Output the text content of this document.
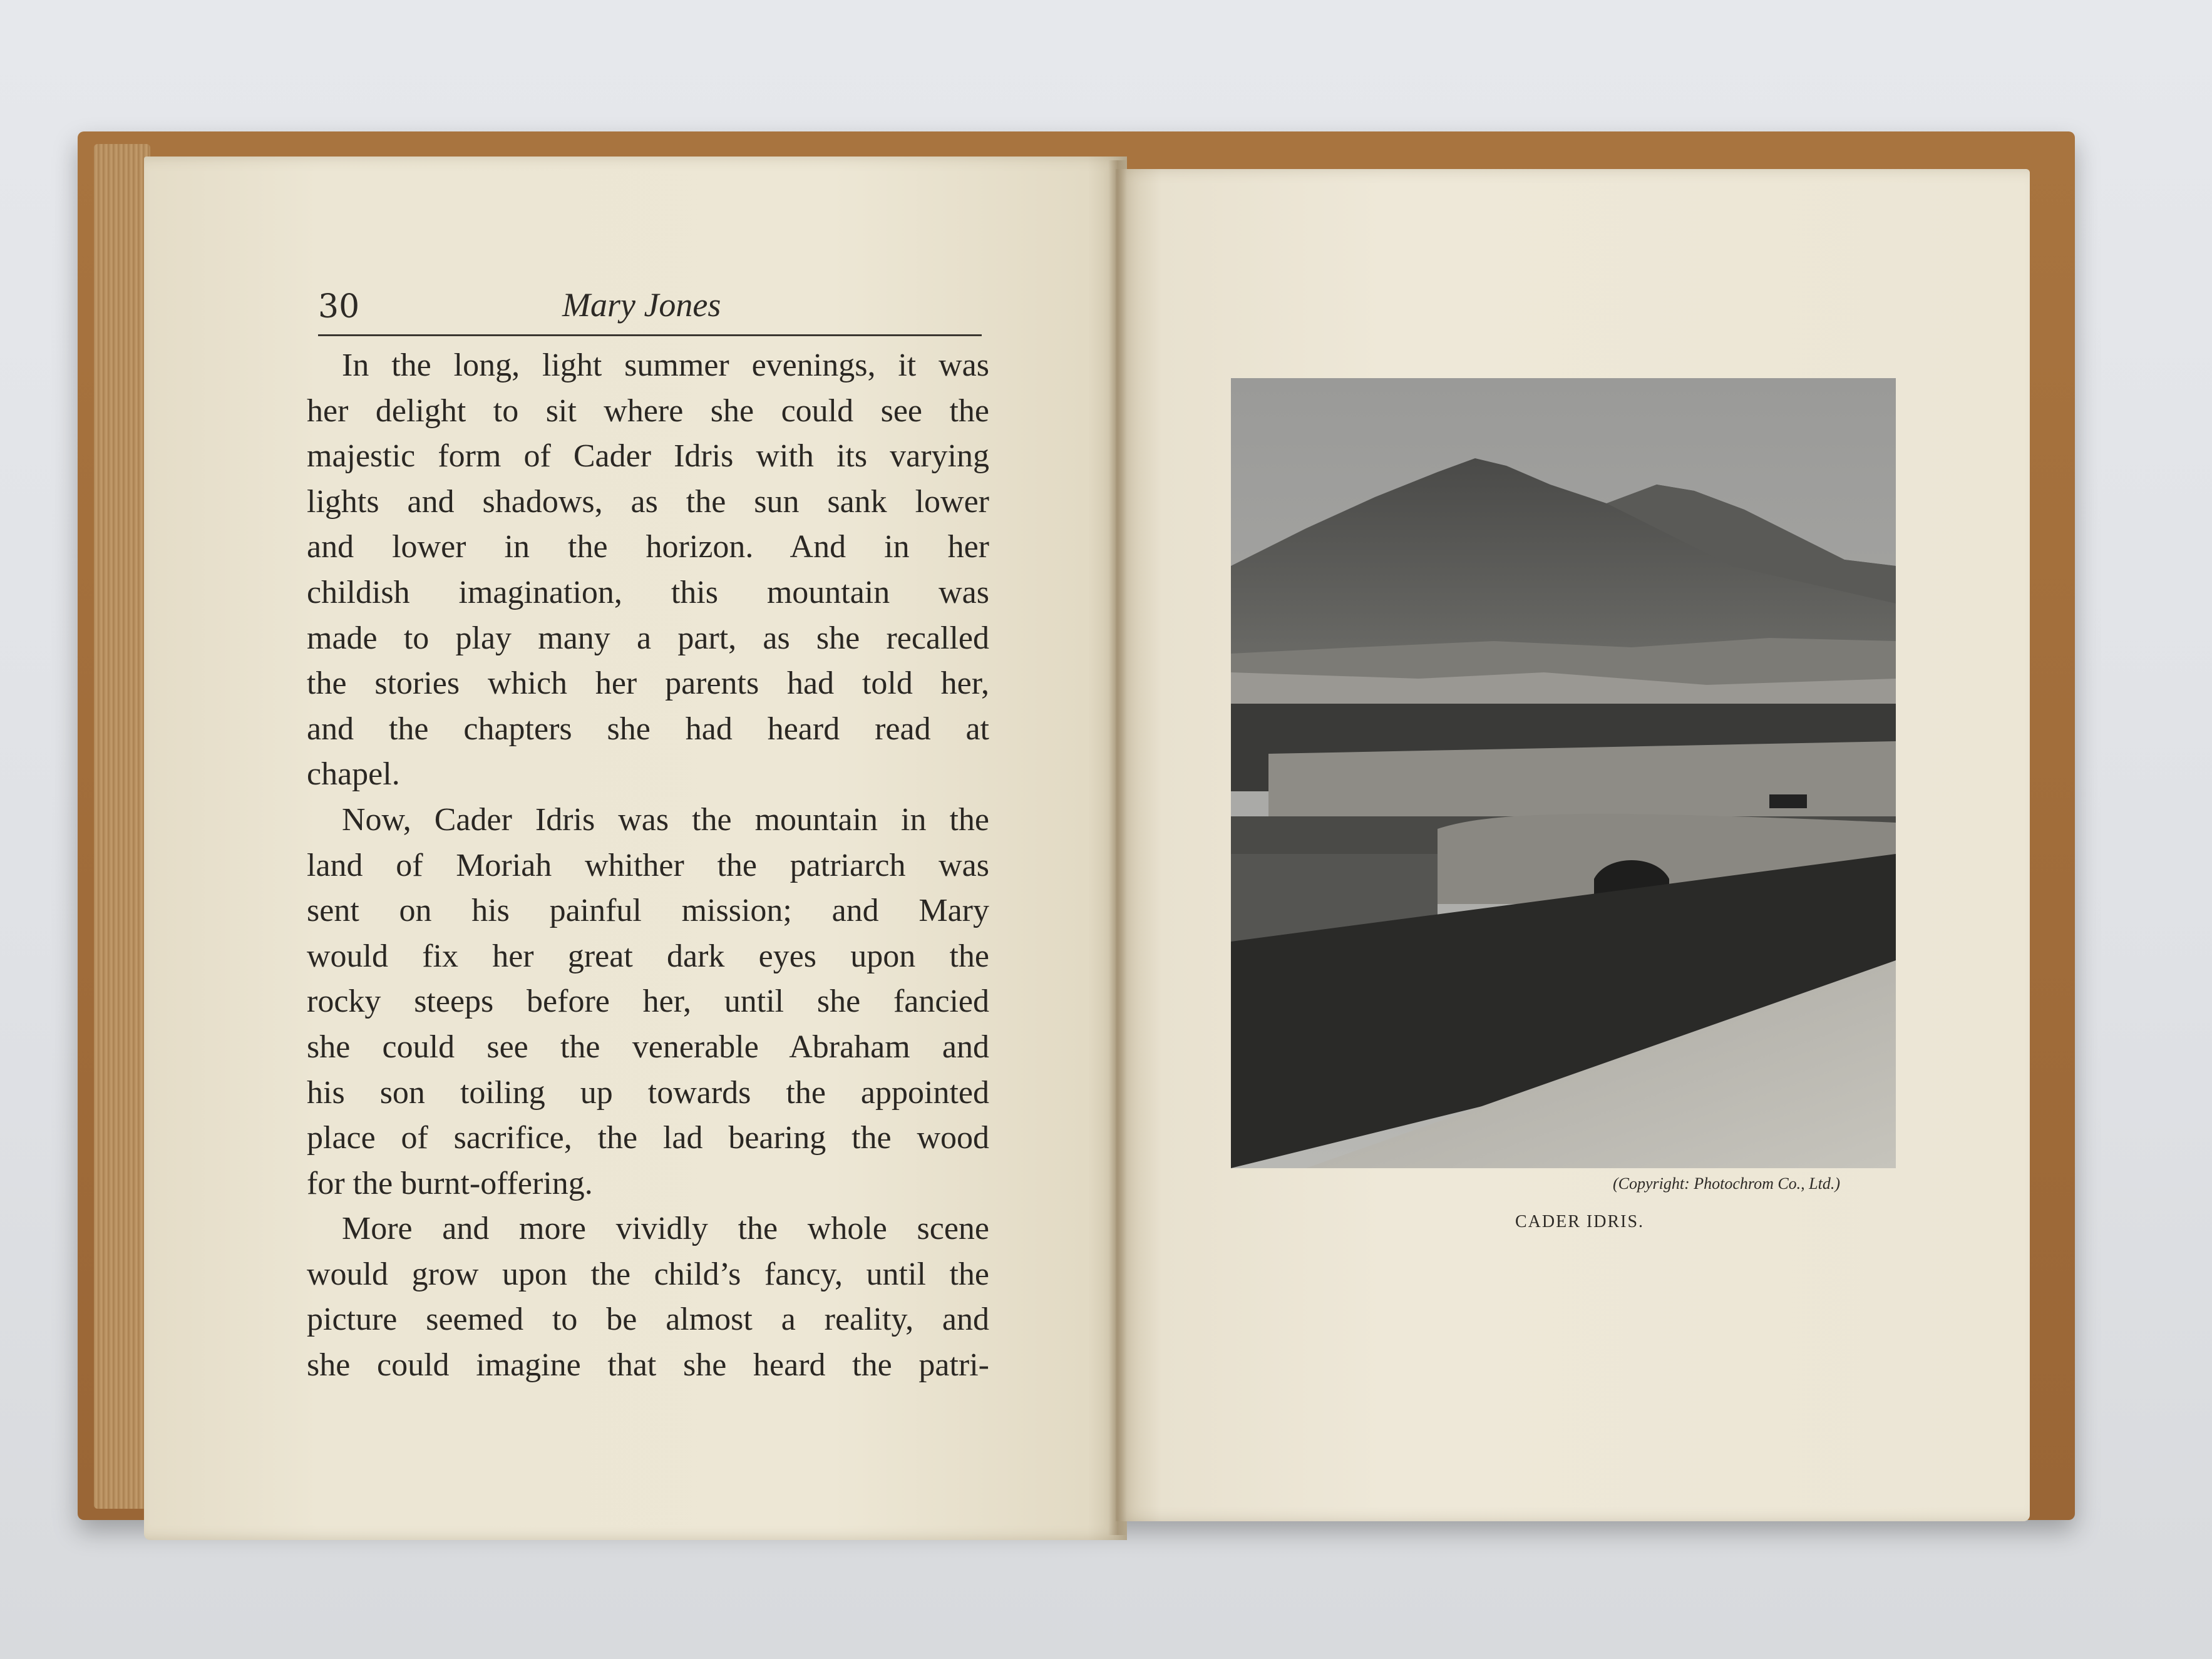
30	Mary Jones
In the long, light summer evenings, it was
her delight to sit where she could see the
majestic form of Cader Idris with its varying
lights and shadows, as the sun sank lower
and lower in the horizon. And in her
childish imagination, this mountain was
made to play many a part, as she recalled
the stories which her parents had told her,
and the chapters she had heard read at
chapel.
Now, Cader Idris was the mountain in the
land of Moriah whither the patriarch was
sent on his painful mission; and Mary
would fix her great dark eyes upon the
rocky steeps before her, until she fancied
she could see the venerable Abraham and
his son toiling up towards the appointed
place of sacrifice, the lad bearing the wood
for the burnt-offering.
More and more vividly the whole scene
would grow upon the child’s fancy, until the
picture seemed to be almost a reality, and
she could imagine that she heard the patri-
(Copyright: Photochrom Co., Ltd.)
CADER IDRIS.
